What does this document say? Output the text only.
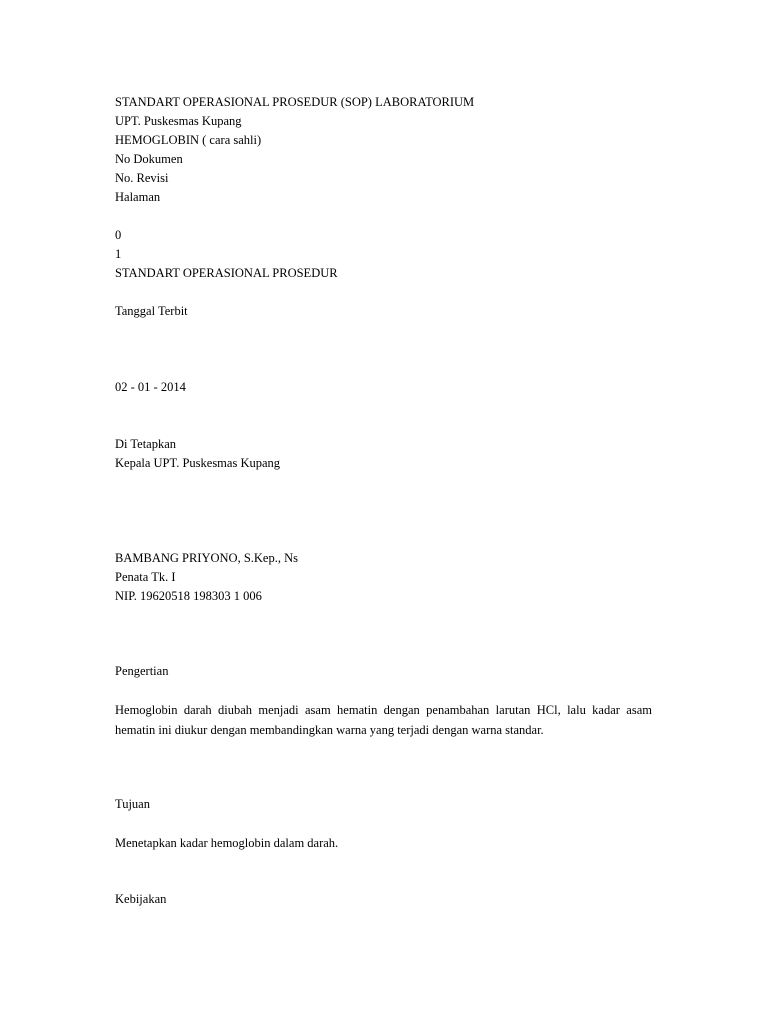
STANDART OPERASIONAL PROSEDUR (SOP) LABORATORIUM
UPT. Puskesmas Kupang
HEMOGLOBIN ( cara sahli)
No Dokumen
No. Revisi
Halaman
0
1
STANDART OPERASIONAL PROSEDUR
Tanggal Terbit
02 - 01 - 2014
Di Tetapkan
Kepala UPT. Puskesmas Kupang
BAMBANG PRIYONO, S.Kep., Ns
Penata Tk. I
NIP. 19620518 198303 1 006
Pengertian
Hemoglobin darah diubah menjadi asam hematin dengan penambahan larutan HCl, lalu kadar asam hematin ini diukur dengan membandingkan warna yang terjadi dengan warna standar.
Tujuan
Menetapkan kadar hemoglobin dalam darah.
Kebijakan
